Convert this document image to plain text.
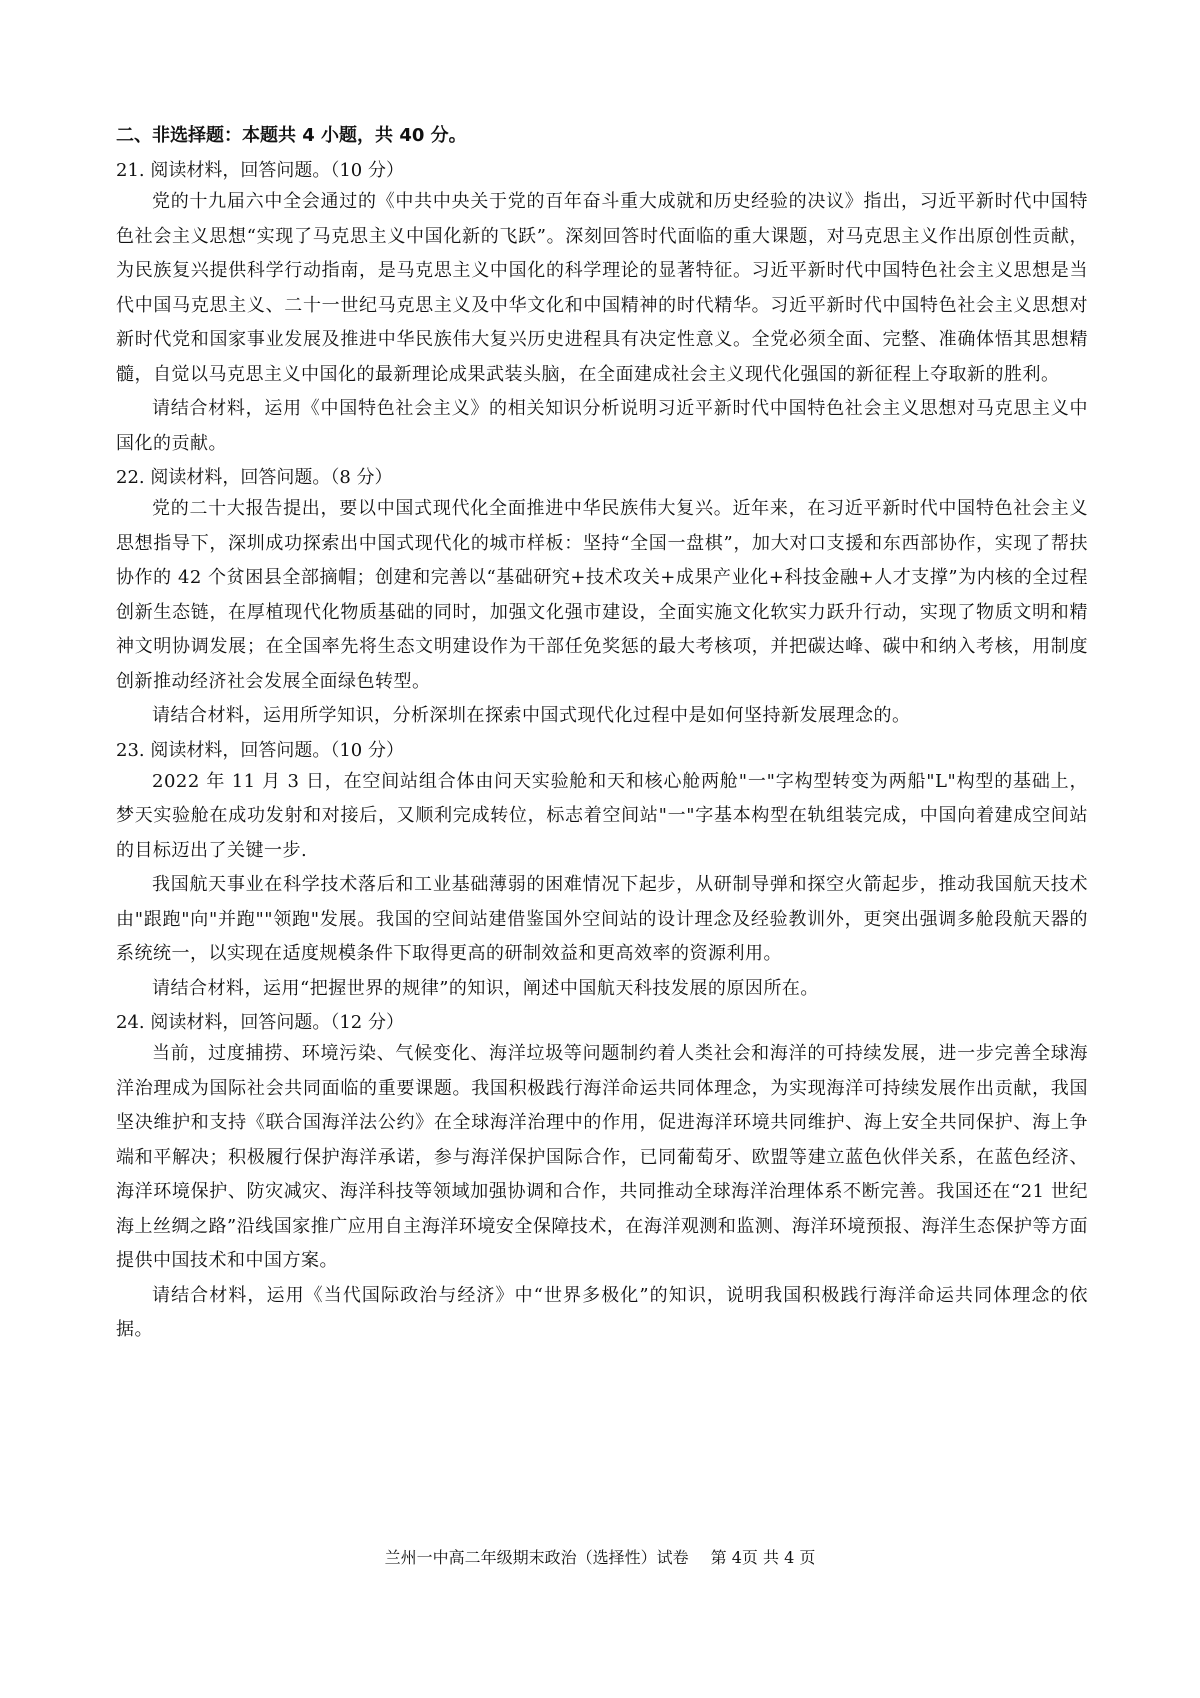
二、非选择题：本题共 4 小题，共 40 分。
21. 阅读材料，回答问题。（10 分）

党的十九届六中全会通过的《中共中央关于党的百年奋斗重大成就和历史经验的决议》指出，习近平新时代中国特色社会主义思想“实现了马克思主义中国化新的飞跃”。深刻回答时代面临的重大课题，对马克思主义作出原创性贡献，为民族复兴提供科学行动指南，是马克思主义中国化的科学理论的显著特征。习近平新时代中国特色社会主义思想是当代中国马克思主义、二十一世纪马克思主义及中华文化和中国精神的时代精华。习近平新时代中国特色社会主义思想对新时代党和国家事业发展及推进中华民族伟大复兴历史进程具有决定性意义。全党必须全面、完整、准确体悟其思想精髓，自觉以马克思主义中国化的最新理论成果武装头脑，在全面建成社会主义现代化强国的新征程上夺取新的胜利。

请结合材料，运用《中国特色社会主义》的相关知识分析说明习近平新时代中国特色社会主义思想对马克思主义中国化的贡献。

22. 阅读材料，回答问题。（8 分）

党的二十大报告提出，要以中国式现代化全面推进中华民族伟大复兴。近年来，在习近平新时代中国特色社会主义思想指导下，深圳成功探索出中国式现代化的城市样板：坚持“全国一盘棋”，加大对口支援和东西部协作，实现了帮扶协作的 42 个贫困县全部摘帽；创建和完善以“基础研究+技术攻关+成果产业化+科技金融+人才支撑”为内核的全过程创新生态链，在厚植现代化物质基础的同时，加强文化强市建设，全面实施文化软实力跃升行动，实现了物质文明和精神文明协调发展；在全国率先将生态文明建设作为干部任免奖惩的最大考核项，并把碳达峰、碳中和纳入考核，用制度创新推动经济社会发展全面绿色转型。

请结合材料，运用所学知识，分析深圳在探索中国式现代化过程中是如何坚持新发展理念的。

23. 阅读材料，回答问题。（10 分）

2022 年 11 月 3 日，在空间站组合体由问天实验舱和天和核心舱两舱"一"字构型转变为两船"L"构型的基础上，梦天实验舱在成功发射和对接后，又顺利完成转位，标志着空间站"一"字基本构型在轨组装完成，中国向着建成空间站的目标迈出了关键一步.

我国航天事业在科学技术落后和工业基础薄弱的困难情况下起步，从研制导弹和探空火箭起步，推动我国航天技术由"跟跑"向"并跑""领跑"发展。我国的空间站建借鉴国外空间站的设计理念及经验教训外，更突出强调多舱段航天器的系统统一，以实现在适度规模条件下取得更高的研制效益和更高效率的资源利用。

请结合材料，运用“把握世界的规律”的知识，阐述中国航天科技发展的原因所在。

24. 阅读材料，回答问题。（12 分）

当前，过度捕捞、环境污染、气候变化、海洋垃圾等问题制约着人类社会和海洋的可持续发展，进一步完善全球海洋治理成为国际社会共同面临的重要课题。我国积极践行海洋命运共同体理念，为实现海洋可持续发展作出贡献，我国坚决维护和支持《联合国海洋法公约》在全球海洋治理中的作用，促进海洋环境共同维护、海上安全共同保护、海上争端和平解决；积极履行保护海洋承诺，参与海洋保护国际合作，已同葡萄牙、欧盟等建立蓝色伙伴关系，在蓝色经济、海洋环境保护、防灾减灾、海洋科技等领域加强协调和合作，共同推动全球海洋治理体系不断完善。我国还在“21 世纪海上丝绸之路”沿线国家推广应用自主海洋环境安全保障技术，在海洋观测和监测、海洋环境预报、海洋生态保护等方面提供中国技术和中国方案。

请结合材料，运用《当代国际政治与经济》中“世界多极化”的知识，说明我国积极践行海洋命运共同体理念的依据。

兰州一中高二年级期末政治（选择性）试卷 第 4页 共 4 页
